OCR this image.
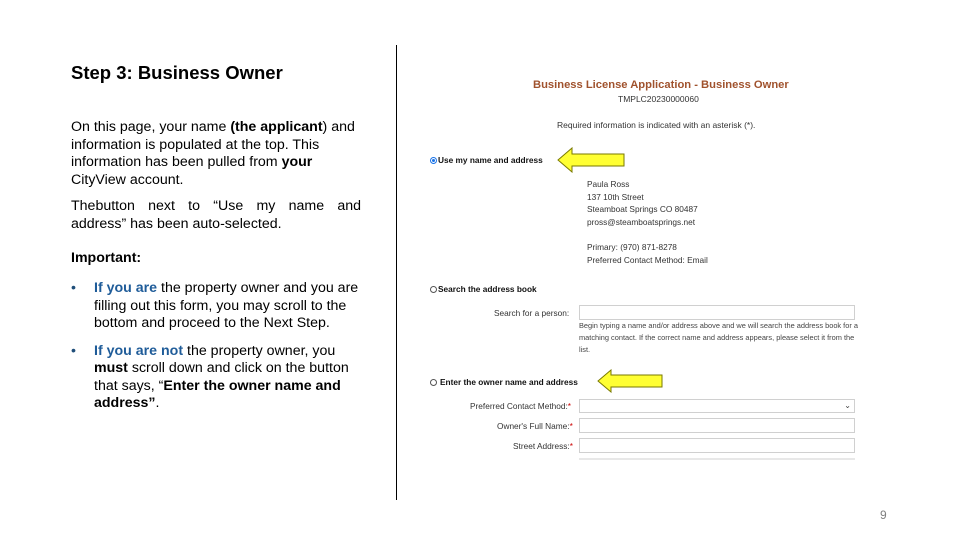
Step 3: Business Owner
On this page, your name (the applicant) and information is populated at the top. This information has been pulled from your CityView account.
Thebutton next to “Use my name and address” has been auto-selected.
Important:
• If you are the property owner and you are filling out this form, you may scroll to the bottom and proceed to the Next Step.
• If you are not the property owner, you must scroll down and click on the button that says, “Enter the owner name and address”.
Business License Application - Business Owner
TMPLC20230000060
Required information is indicated with an asterisk (*).
Use my name and address
Paula Ross
137 10th Street
Steamboat Springs CO 80487
pross@steamboatsprings.net
Primary: (970) 871-8278
Preferred Contact Method: Email
Search the address book
Search for a person:
Begin typing a name and/or address above and we will search the address book for a matching contact. If the correct name and address appears, please select it from the list.
Enter the owner name and address
Preferred Contact Method:*	⌄
Owner's Full Name:*
Street Address:*
9
